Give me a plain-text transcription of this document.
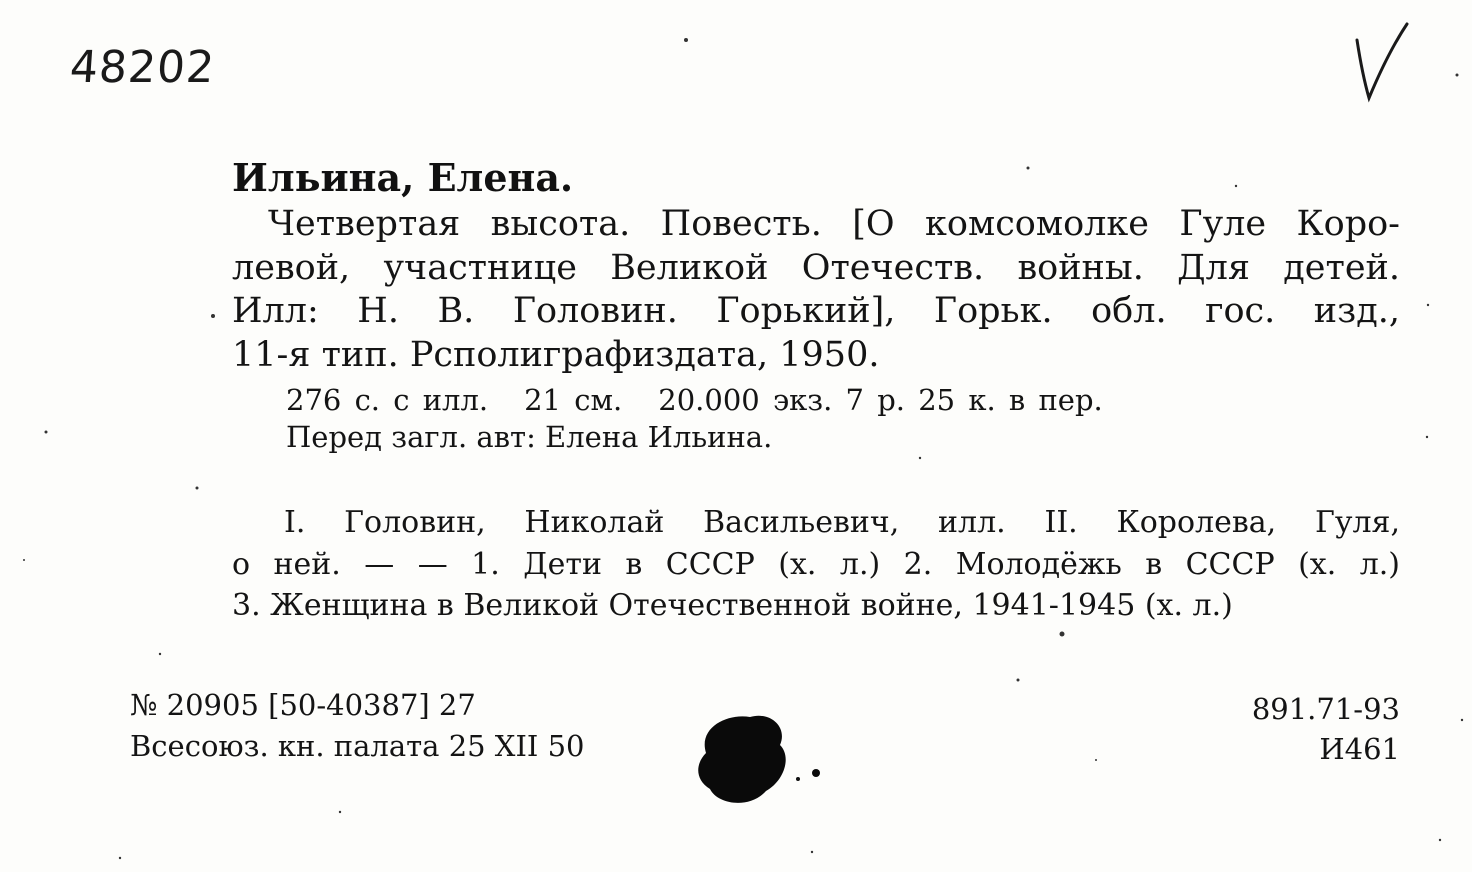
48202
Ильина, Елена.
Четвертая высота. Повесть. [О комсомолке Гуле Коро-
левой, участнице Великой Отечеств. войны. Для детей.
Илл: Н. В. Головин. Горький], Горьк. обл. гос. изд.,
11-я тип. Рсполиграфиздата, 1950.
276 с. с илл. 21 см. 20.000 экз. 7 р. 25 к. в пер.
Перед загл. авт: Елена Ильина.
I. Головин, Николай Васильевич, илл. II. Королева, Гуля,
о ней. — — 1. Дети в СССР (х. л.) 2. Молодёжь в СССР (х. л.)
3. Женщина в Великой Отечественной войне, 1941-1945 (х. л.)
№ 20905 [50-40387] 27
Всесоюз. кн. палата 25 XII 50
891.71-93
И461
